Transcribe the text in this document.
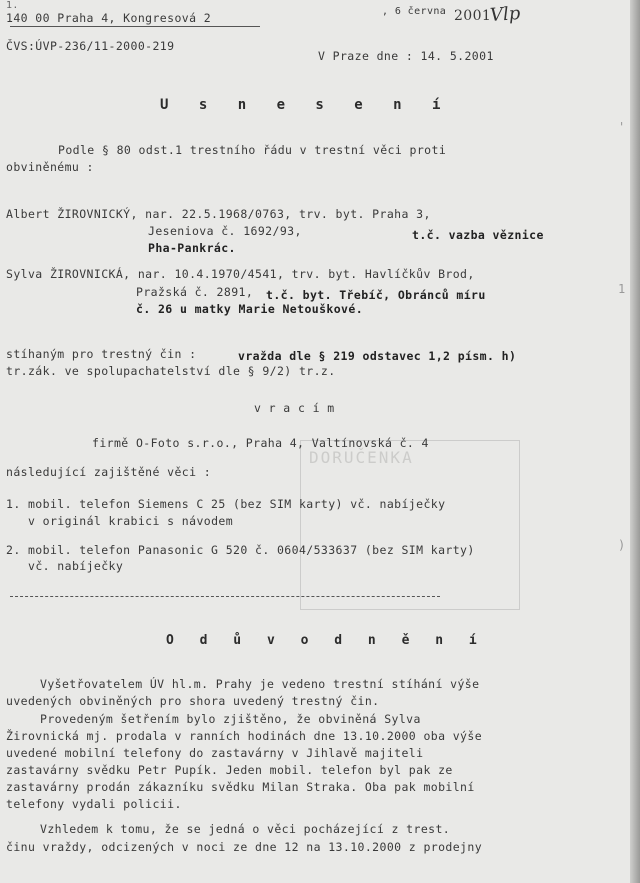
DORUČENKA
1.
140 00 Praha 4, Kongresová 2	, 6 června 2001
Vlp
ČVS:ÚVP-236/11-2000-219
V Praze dne : 14. 5.2001
U s n e s e n í
Podle § 80 odst.1 trestního řádu v trestní věci proti
obviněnému :
Albert ŽIROVNICKÝ, nar. 22.5.1968/0763, trv. byt. Praha 3,
Jeseniova č. 1692/93,	t.č. vazba věznice
Pha-Pankrác.
Sylva ŽIROVNICKÁ, nar. 10.4.1970/4541, trv. byt. Havlíčkův Brod,
Pražská č. 2891, t.č. byt. Třebíč, Obránců míru
č. 26 u matky Marie Netouškové.
stíhaným pro trestný čin :	vražda dle § 219 odstavec 1,2 písm. h)
tr.zák. ve spolupachatelství dle § 9/2) tr.z.
v r a c í m
firmě O-Foto s.r.o., Praha 4, Valtínovská č. 4
následující zajištěné věci :
1. mobil. telefon Siemens C 25 (bez SIM karty) vč. nabíječky
v originál krabici s návodem
2. mobil. telefon Panasonic G 520 č. 0604/533637 (bez SIM karty)
vč. nabíječky
O d ů v o d n ě n í
Vyšetřovatelem ÚV hl.m. Prahy je vedeno trestní stíhání výše
uvedených obviněných pro shora uvedený trestný čin.
Provedeným šetřením bylo zjištěno, že obviněná Sylva
Žirovnická mj. prodala v ranních hodinách dne 13.10.2000 oba výše
uvedené mobilní telefony do zastavárny v Jihlavě majiteli
zastavárny svědku Petr Pupík. Jeden mobil. telefon byl pak ze
zastavárny prodán zákazníku svědku Milan Straka. Oba pak mobilní
telefony vydali policii.
Vzhledem k tomu, že se jedná o věci pocházející z trest.
činu vraždy, odcizených v noci ze dne 12 na 13.10.2000 z prodejny
'
1
)
